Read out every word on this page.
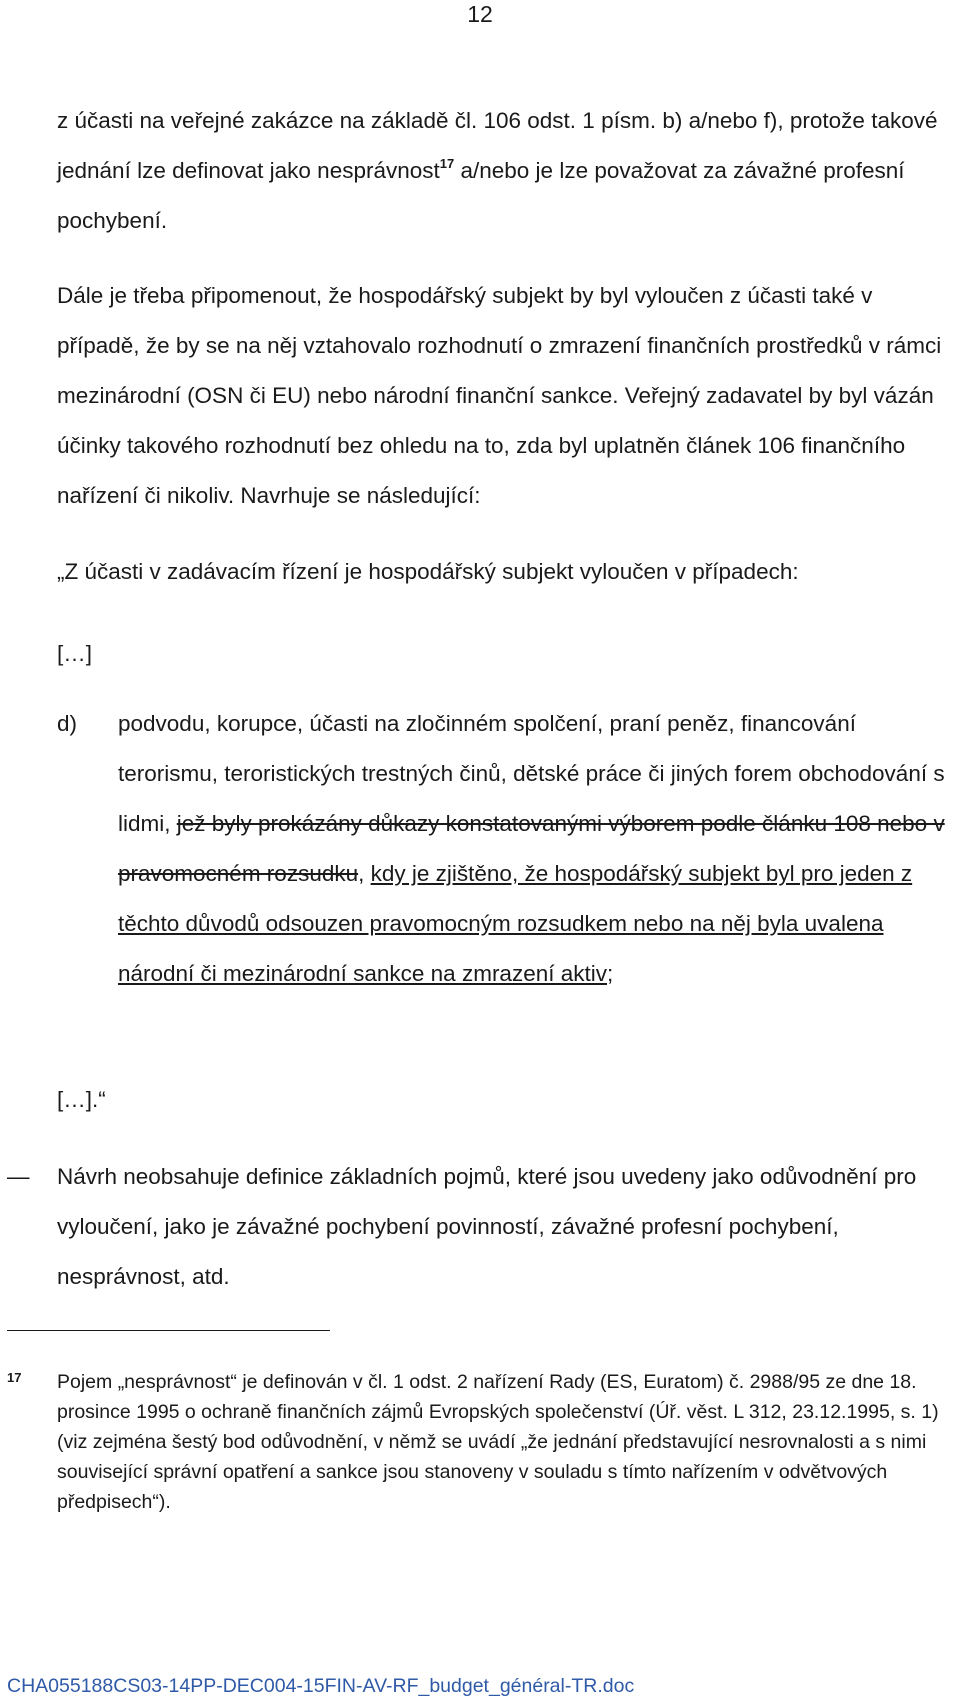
12
z účasti na veřejné zakázce na základě čl. 106 odst. 1 písm. b) a/nebo f), protože takové jednání lze definovat jako nesprávnost$^{17}$ a/nebo je lze považovat za závažné profesní pochybení.
Dále je třeba připomenout, že hospodářský subjekt by byl vyloučen z účasti také v případě, že by se na něj vztahovalo rozhodnutí o zmrazení finančních prostředků v rámci mezinárodní (OSN či EU) nebo národní finanční sankce. Veřejný zadavatel by byl vázán účinky takového rozhodnutí bez ohledu na to, zda byl uplatněn článek 106 finančního nařízení či nikoliv. Navrhuje se následující:
„Z účasti v zadávacím řízení je hospodářský subjekt vyloučen v případech:
[…]
d) podvodu, korupce, účasti na zločinném spolčení, praní peněz, financování terorismu, teroristických trestných činů, dětské práce či jiných forem obchodování s lidmi, jež byly prokázány důkazy konstatovanými výborem podle článku 108 nebo v pravomocném rozsudku, kdy je zjištěno, že hospodářský subjekt byl pro jeden z těchto důvodů odsouzen pravomocným rozsudkem nebo na něj byla uvalena národní či mezinárodní sankce na zmrazení aktiv;
[…].“
— Návrh neobsahuje definice základních pojmů, které jsou uvedeny jako odůvodnění pro vyloučení, jako je závažné pochybení povinností, závažné profesní pochybení, nesprávnost, atd.
17 Pojem „nesprávnost“ je definován v čl. 1 odst. 2 nařízení Rady (ES, Euratom) č. 2988/95 ze dne 18. prosince 1995 o ochraně finančních zájmů Evropských společenství (Úř. věst. L 312, 23.12.1995, s. 1) (viz zejména šestý bod odůvodnění, v němž se uvádí „že jednání představující nesrovnalosti a s nimi související správní opatření a sankce jsou stanoveny v souladu s tímto nařízením v odvětvových předpisech“).
CHA055188CS03-14PP-DEC004-15FIN-AV-RF_budget_général-TR.doc
